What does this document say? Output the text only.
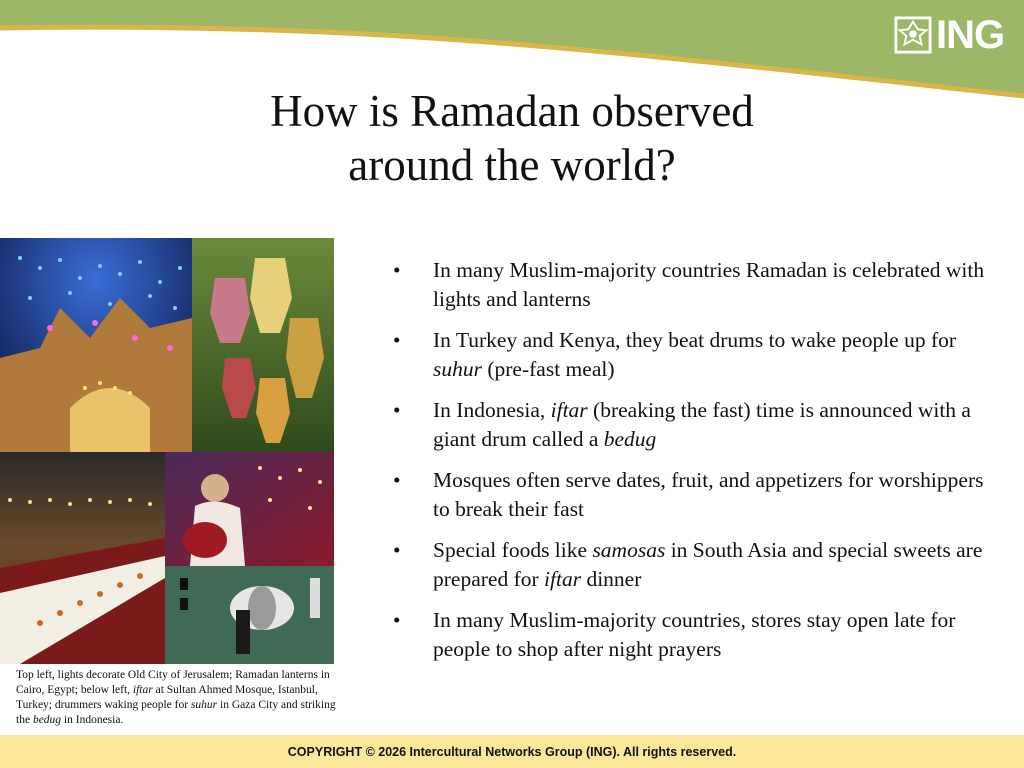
ING
How is Ramadan observed
around the world?
Top left, lights decorate Old City of Jerusalem; Ramadan lanterns in Cairo, Egypt; below left, iftar at Sultan Ahmed Mosque, Istanbul, Turkey; drummers waking people for suhur in Gaza City and striking the bedug in Indonesia.
• In many Muslim-majority countries Ramadan is celebrated with lights and lanterns
• In Turkey and Kenya, they beat drums to wake people up for suhur (pre-fast meal)
• In Indonesia, iftar (breaking the fast) time is announced with a giant drum called a bedug
• Mosques often serve dates, fruit, and appetizers for worshippers to break their fast
• Special foods like samosas in South Asia and special sweets are prepared for iftar dinner
• In many Muslim-majority countries, stores stay open late for people to shop after night prayers
COPYRIGHT © 2026 Intercultural Networks Group (ING). All rights reserved.
